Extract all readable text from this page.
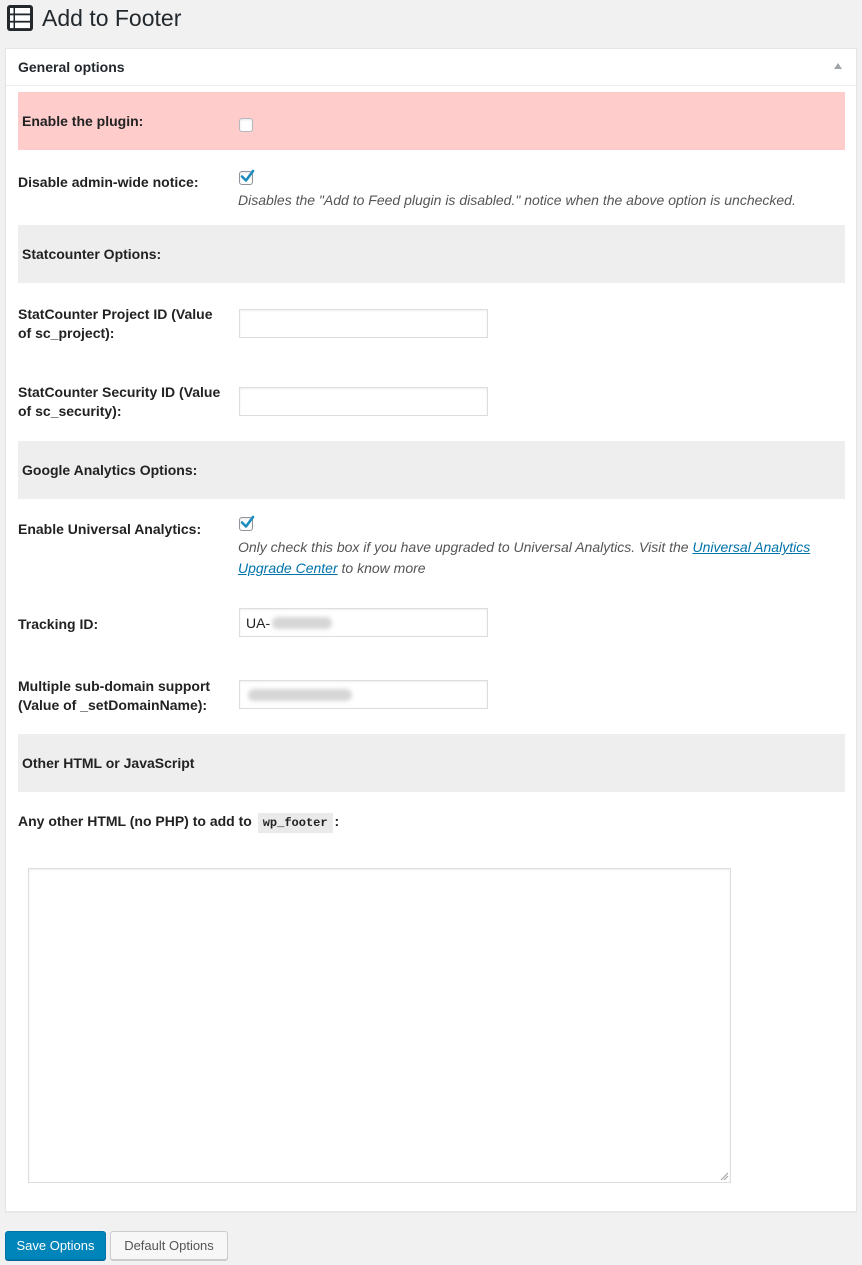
Add to Footer
General options
Enable the plugin:
Disable admin-wide notice:
Disables the "Add to Feed plugin is disabled." notice when the above option is unchecked.
Statcounter Options:
StatCounter Project ID (Value of sc_project):
StatCounter Security ID (Value of sc_security):
Google Analytics Options:
Enable Universal Analytics:
Only check this box if you have upgraded to Universal Analytics. Visit the Universal Analytics Upgrade Center to know more
Tracking ID:	UA-
Multiple sub-domain support (Value of _setDomainName):
Other HTML or JavaScript
Any other HTML (no PHP) to add to wp_footer :
Save Options	Default Options
